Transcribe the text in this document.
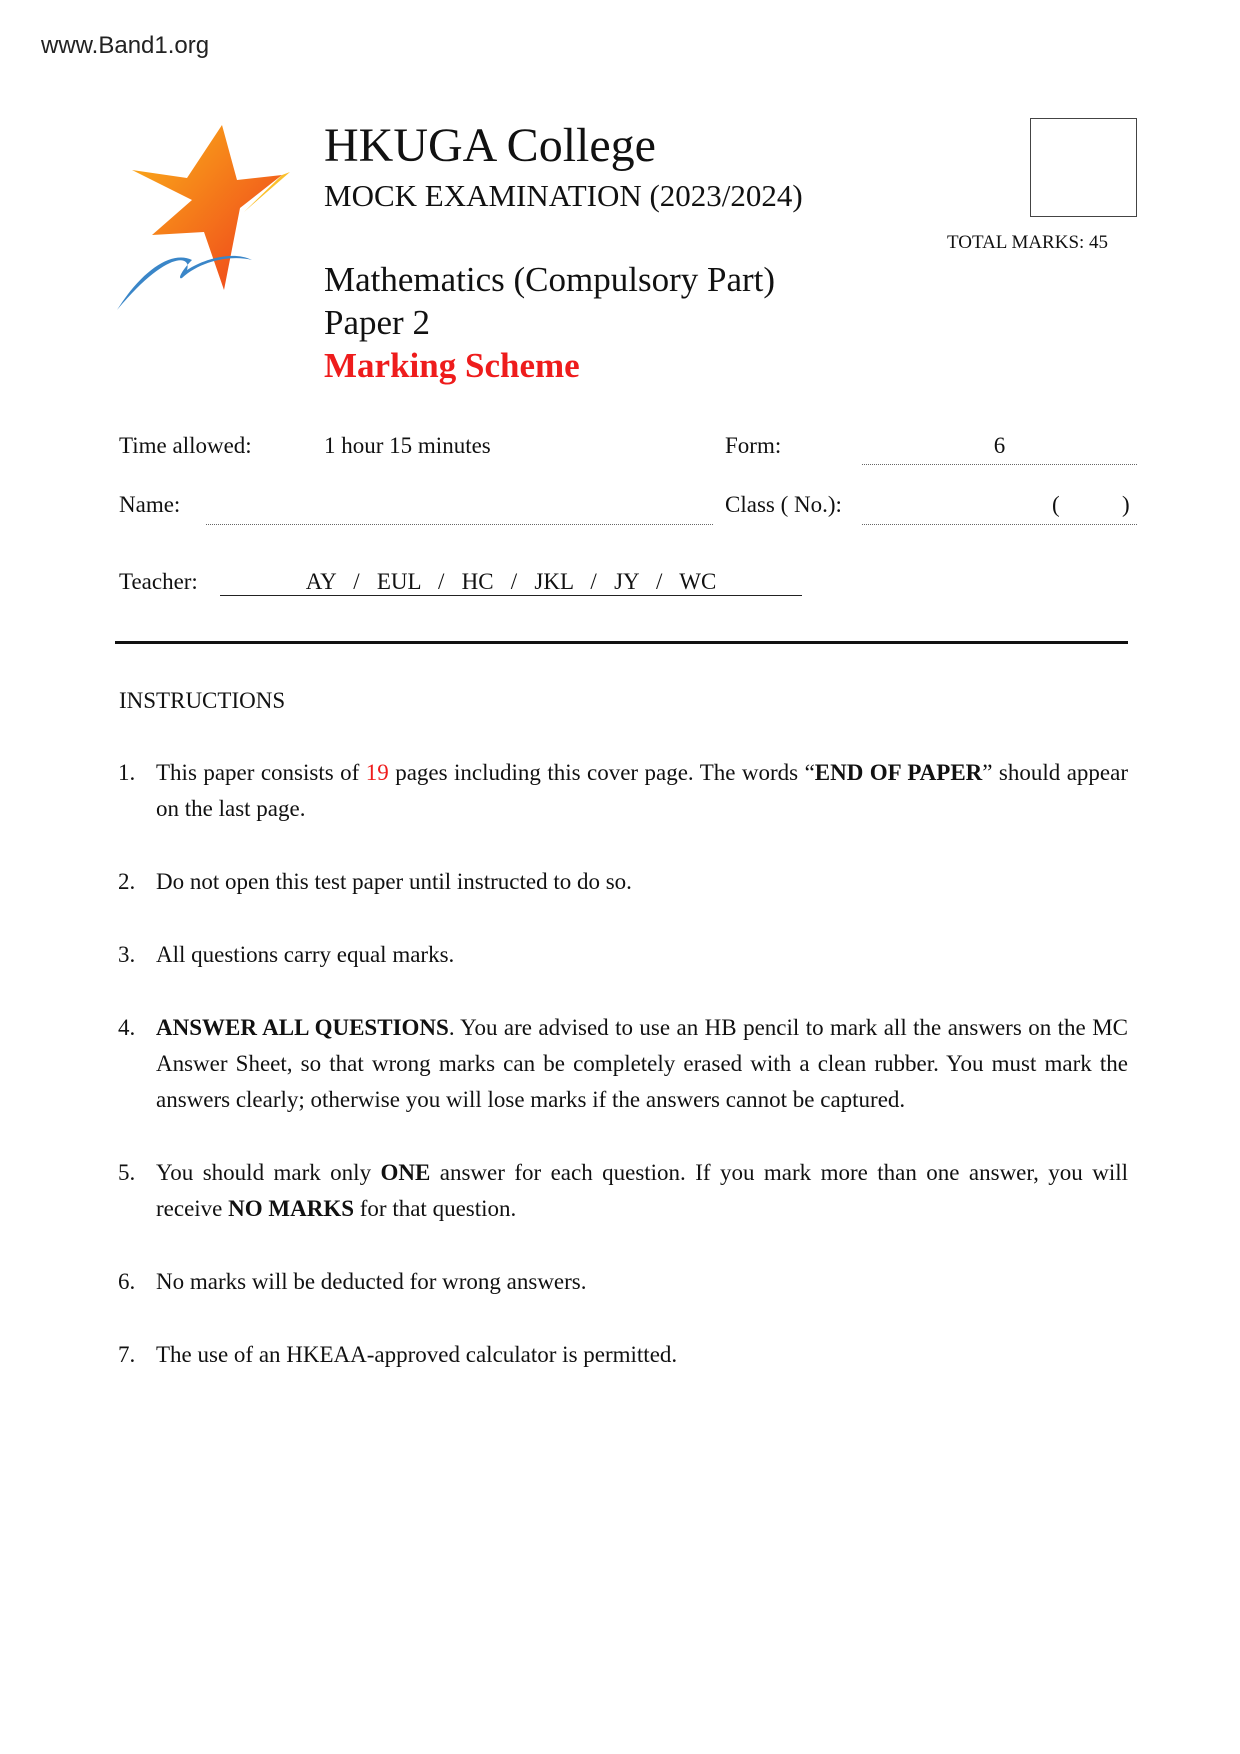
www.Band1.org
HKUGA College
MOCK EXAMINATION (2023/2024)
Mathematics (Compulsory Part)
Paper 2
Marking Scheme
TOTAL MARKS: 45
Time allowed:	1 hour 15 minutes	Form:	6
Name:	Class ( No.):	(	)
Teacher:	AY   /   EUL   /   HC   /   JKL   /   JY   /   WC
INSTRUCTIONS
1. This paper consists of 19 pages including this cover page. The words “END OF PAPER” should appear on the last page.
2. Do not open this test paper until instructed to do so.
3. All questions carry equal marks.
4. ANSWER ALL QUESTIONS. You are advised to use an HB pencil to mark all the answers on the MC Answer Sheet, so that wrong marks can be completely erased with a clean rubber. You must mark the answers clearly; otherwise you will lose marks if the answers cannot be captured.
5. You should mark only ONE answer for each question. If you mark more than one answer, you will receive NO MARKS for that question.
6. No marks will be deducted for wrong answers.
7. The use of an HKEAA-approved calculator is permitted.
